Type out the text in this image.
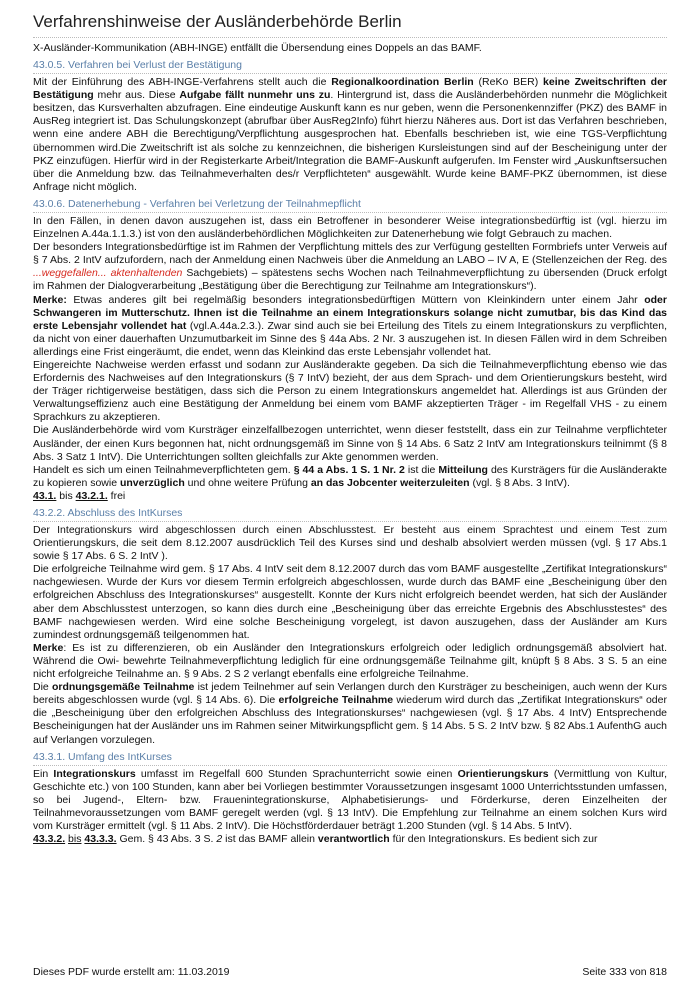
Verfahrenshinweise der Ausländerbehörde Berlin

X-Ausländer-Kommunikation (ABH-INGE) entfällt die Übersendung eines Doppels an das BAMF.

43.0.5. Verfahren bei Verlust der Bestätigung

Mit der Einführung des ABH-INGE-Verfahrens stellt auch die Regionalkoordination Berlin (ReKo BER) keine Zweitschriften der Bestätigung mehr aus. Diese Aufgabe fällt nunmehr uns zu. Hintergrund ist, dass die Ausländerbehörden nunmehr die Möglichkeit besitzen, das Kursverhalten abzufragen. Eine eindeutige Auskunft kann es nur geben, wenn die Personenkennziffer (PKZ) des BAMF in AusReg integriert ist. Das Schulungskonzept (abrufbar über AusReg2Info) führt hierzu Näheres aus. Dort ist das Verfahren beschrieben, wenn eine andere ABH die Berechtigung/Verpflichtung ausgesprochen hat. Ebenfalls beschrieben ist, wie eine TGS-Verpflichtung übernommen wird.Die Zweitschrift ist als solche zu kennzeichnen, die bisherigen Kursleistungen sind auf der Bescheinigung unter der PKZ einzufügen. Hierfür wird in der Registerkarte Arbeit/Integration die BAMF-Auskunft aufgerufen. Im Fenster wird „Auskunftsersuchen über die Anmeldung bzw. das Teilnahmeverhalten des/r Verpflichteten“ ausgewählt. Wurde keine BAMF-PKZ übernommen, ist diese Anfrage nicht möglich.

43.0.6. Datenerhebung - Verfahren bei Verletzung der Teilnahmepflicht

In den Fällen, in denen davon auszugehen ist, dass ein Betroffener in besonderer Weise integrationsbedürftig ist (vgl. hierzu im Einzelnen A.44a.1.1.3.) ist von den ausländerbehördlichen Möglichkeiten zur Datenerhebung wie folgt Gebrauch zu machen.

Der besonders Integrationsbedürftige ist im Rahmen der Verpflichtung mittels des zur Verfügung gestellten Formbriefs unter Verweis auf § 7 Abs. 2 IntV aufzufordern, nach der Anmeldung einen Nachweis über die Anmeldung an LABO – IV A, E (Stellenzeichen der Reg. des ...weggefallen... aktenhaltenden Sachgebiets) – spätestens sechs Wochen nach Teilnahmeverpflichtung zu übersenden (Druck erfolgt im Rahmen der Dialogverarbeitung „Bestätigung über die Berechtigung zur Teilnahme am Integrationskurs“).

Merke: Etwas anderes gilt bei regelmäßig besonders integrationsbedürftigen Müttern von Kleinkindern unter einem Jahr oder Schwangeren im Mutterschutz. Ihnen ist die Teilnahme an einem Integrationskurs solange nicht zumutbar, bis das Kind das erste Lebensjahr vollendet hat (vgl.A.44a.2.3.). Zwar sind auch sie bei Erteilung des Titels zu einem Integrationskurs zu verpflichten, da nicht von einer dauerhaften Unzumutbarkeit im Sinne des § 44a Abs. 2 Nr. 3 auszugehen ist. In diesen Fällen wird in dem Schreiben allerdings eine Frist eingeräumt, die endet, wenn das Kleinkind das erste Lebensjahr vollendet hat.

Eingereichte Nachweise werden erfasst und sodann zur Ausländerakte gegeben. Da sich die Teilnahmeverpflichtung ebenso wie das Erfordernis des Nachweises auf den Integrationskurs (§ 7 IntV) bezieht, der aus dem Sprach- und dem Orientierungskurs besteht, wird der Träger richtigerweise bestätigen, dass sich die Person zu einem Integrationskurs angemeldet hat. Allerdings ist aus Gründen der Verwaltungseffizienz auch eine Bestätigung der Anmeldung bei einem vom BAMF akzeptierten Träger - im Regelfall VHS - zu einem Sprachkurs zu akzeptieren.

Die Ausländerbehörde wird vom Kursträger einzelfallbezogen unterrichtet, wenn dieser feststellt, dass ein zur Teilnahme verpflichteter Ausländer, der einen Kurs begonnen hat, nicht ordnungsgemäß im Sinne von § 14 Abs. 6 Satz 2 IntV am Integrationskurs teilnimmt (§ 8 Abs. 3 Satz 1 IntV). Die Unterrichtungen sollten gleichfalls zur Akte genommen werden.

Handelt es sich um einen Teilnahmeverpflichteten gem. § 44 a Abs. 1 S. 1 Nr. 2 ist die Mitteilung des Kursträgers für die Ausländerakte zu kopieren sowie unverzüglich und ohne weitere Prüfung an das Jobcenter weiterzuleiten (vgl. § 8 Abs. 3 IntV).

43.1. bis 43.2.1. frei

43.2.2. Abschluss des IntKurses

Der Integrationskurs wird abgeschlossen durch einen Abschlusstest. Er besteht aus einem Sprachtest und einem Test zum Orientierungskurs, die seit dem 8.12.2007 ausdrücklich Teil des Kurses sind und deshalb absolviert werden müssen (vgl. § 17 Abs.1 sowie § 17 Abs. 6 S. 2 IntV ).

Die erfolgreiche Teilnahme wird gem. § 17 Abs. 4 IntV seit dem 8.12.2007 durch das vom BAMF ausgestellte „Zertifikat Integrationskurs“ nachgewiesen. Wurde der Kurs vor diesem Termin erfolgreich abgeschlossen, wurde durch das BAMF eine „Bescheinigung über den erfolgreichen Abschluss des Integrationskurses“ ausgestellt. Konnte der Kurs nicht erfolgreich beendet werden, hat sich der Ausländer aber dem Abschlusstest unterzogen, so kann dies durch eine „Bescheinigung über das erreichte Ergebnis des Abschlusstestes“ des BAMF nachgewiesen werden. Wird eine solche Bescheinigung vorgelegt, ist davon auszugehen, dass der Ausländer am Kurs zumindest ordnungsgemäß teilgenommen hat.

Merke: Es ist zu differenzieren, ob ein Ausländer den Integrationskurs erfolgreich oder lediglich ordnungsgemäß absolviert hat. Während die Owi- bewehrte Teilnahmeverpflichtung lediglich für eine ordnungsgemäße Teilnahme gilt, knüpft § 8 Abs. 3 S. 5 an eine nicht erfolgreiche Teilnahme an. § 9 Abs. 2 S 2 verlangt ebenfalls eine erfolgreiche Teilnahme.

Die ordnungsgemäße Teilnahme ist jedem Teilnehmer auf sein Verlangen durch den Kursträger zu bescheinigen, auch wenn der Kurs bereits abgeschlossen wurde (vgl. § 14 Abs. 6). Die erfolgreiche Teilnahme wiederum wird durch das „Zertifikat Integrationskurs“ oder die „Bescheinigung über den erfolgreichen Abschluss des Integrationskurses“ nachgewiesen (vgl. § 17 Abs. 4 IntV) Entsprechende Bescheinigungen hat der Ausländer uns im Rahmen seiner Mitwirkungspflicht gem. § 14 Abs. 5 S. 2 IntV bzw. § 82 Abs.1 AufenthG auch auf Verlangen vorzulegen.

43.3.1. Umfang des IntKurses

Ein Integrationskurs umfasst im Regelfall 600 Stunden Sprachunterricht sowie einen Orientierungskurs (Vermittlung von Kultur, Geschichte etc.) von 100 Stunden, kann aber bei Vorliegen bestimmter Voraussetzungen insgesamt 1000 Unterrichtsstunden umfassen, so bei Jugend-, Eltern- bzw. Frauenintegrationskurse, Alphabetisierungs- und Förderkurse, deren Einzelheiten der Teilnahmevoraussetzungen vom BAMF geregelt werden (vgl. § 13 IntV). Die Empfehlung zur Teilnahme an einem solchen Kurs wird vom Kursträger ermittelt (vgl. § 11 Abs. 2 IntV). Die Höchstförderdauer beträgt 1.200 Stunden (vgl. § 14 Abs. 5 IntV).

43.3.2. bis 43.3.3. Gem. § 43 Abs. 3 S. 2 ist das BAMF allein verantwortlich für den Integrationskurs. Es bedient sich zur

Dieses PDF wurde erstellt am: 11.03.2019	Seite 333 von 818
